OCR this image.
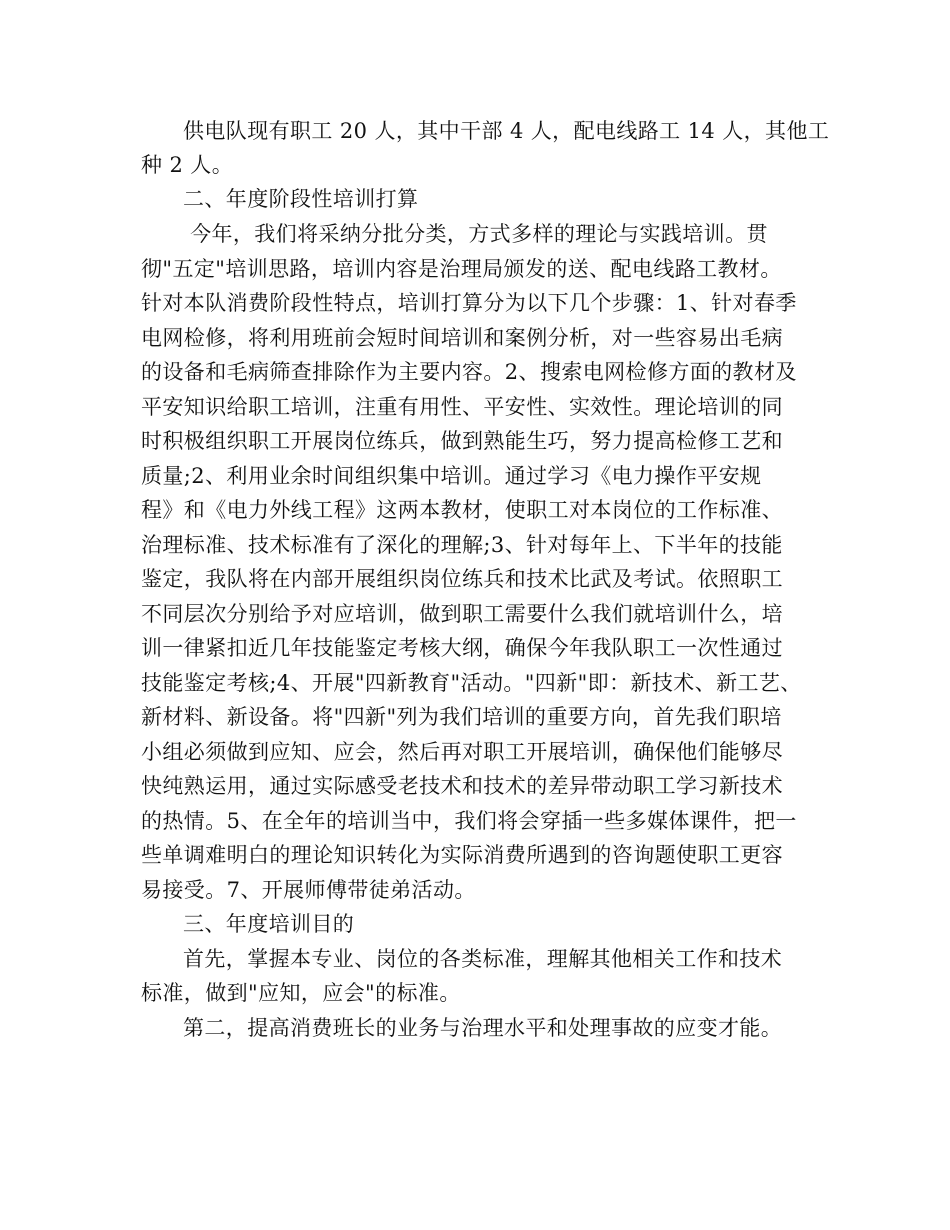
供电队现有职工 20 人，其中干部 4 人，配电线路工 14 人，其他工
种 2 人。
二、年度阶段性培训打算
今年，我们将采纳分批分类，方式多样的理论与实践培训。贯
彻"五定"培训思路，培训内容是治理局颁发的送、配电线路工教材。
针对本队消费阶段性特点，培训打算分为以下几个步骤：1、针对春季
电网检修，将利用班前会短时间培训和案例分析，对一些容易出毛病
的设备和毛病筛查排除作为主要内容。2、搜索电网检修方面的教材及
平安知识给职工培训，注重有用性、平安性、实效性。理论培训的同
时积极组织职工开展岗位练兵，做到熟能生巧，努力提高检修工艺和
质量;2、利用业余时间组织集中培训。通过学习《电力操作平安规
程》和《电力外线工程》这两本教材，使职工对本岗位的工作标准、
治理标准、技术标准有了深化的理解;3、针对每年上、下半年的技能
鉴定，我队将在内部开展组织岗位练兵和技术比武及考试。依照职工
不同层次分别给予对应培训，做到职工需要什么我们就培训什么，培
训一律紧扣近几年技能鉴定考核大纲，确保今年我队职工一次性通过
技能鉴定考核;4、开展"四新教育"活动。"四新"即：新技术、新工艺、
新材料、新设备。将"四新"列为我们培训的重要方向，首先我们职培
小组必须做到应知、应会，然后再对职工开展培训，确保他们能够尽
快纯熟运用，通过实际感受老技术和技术的差异带动职工学习新技术
的热情。5、在全年的培训当中，我们将会穿插一些多媒体课件，把一
些单调难明白的理论知识转化为实际消费所遇到的咨询题使职工更容
易接受。7、开展师傅带徒弟活动。
三、年度培训目的
首先，掌握本专业、岗位的各类标准，理解其他相关工作和技术
标准，做到"应知，应会"的标准。
第二，提高消费班长的业务与治理水平和处理事故的应变才能。
